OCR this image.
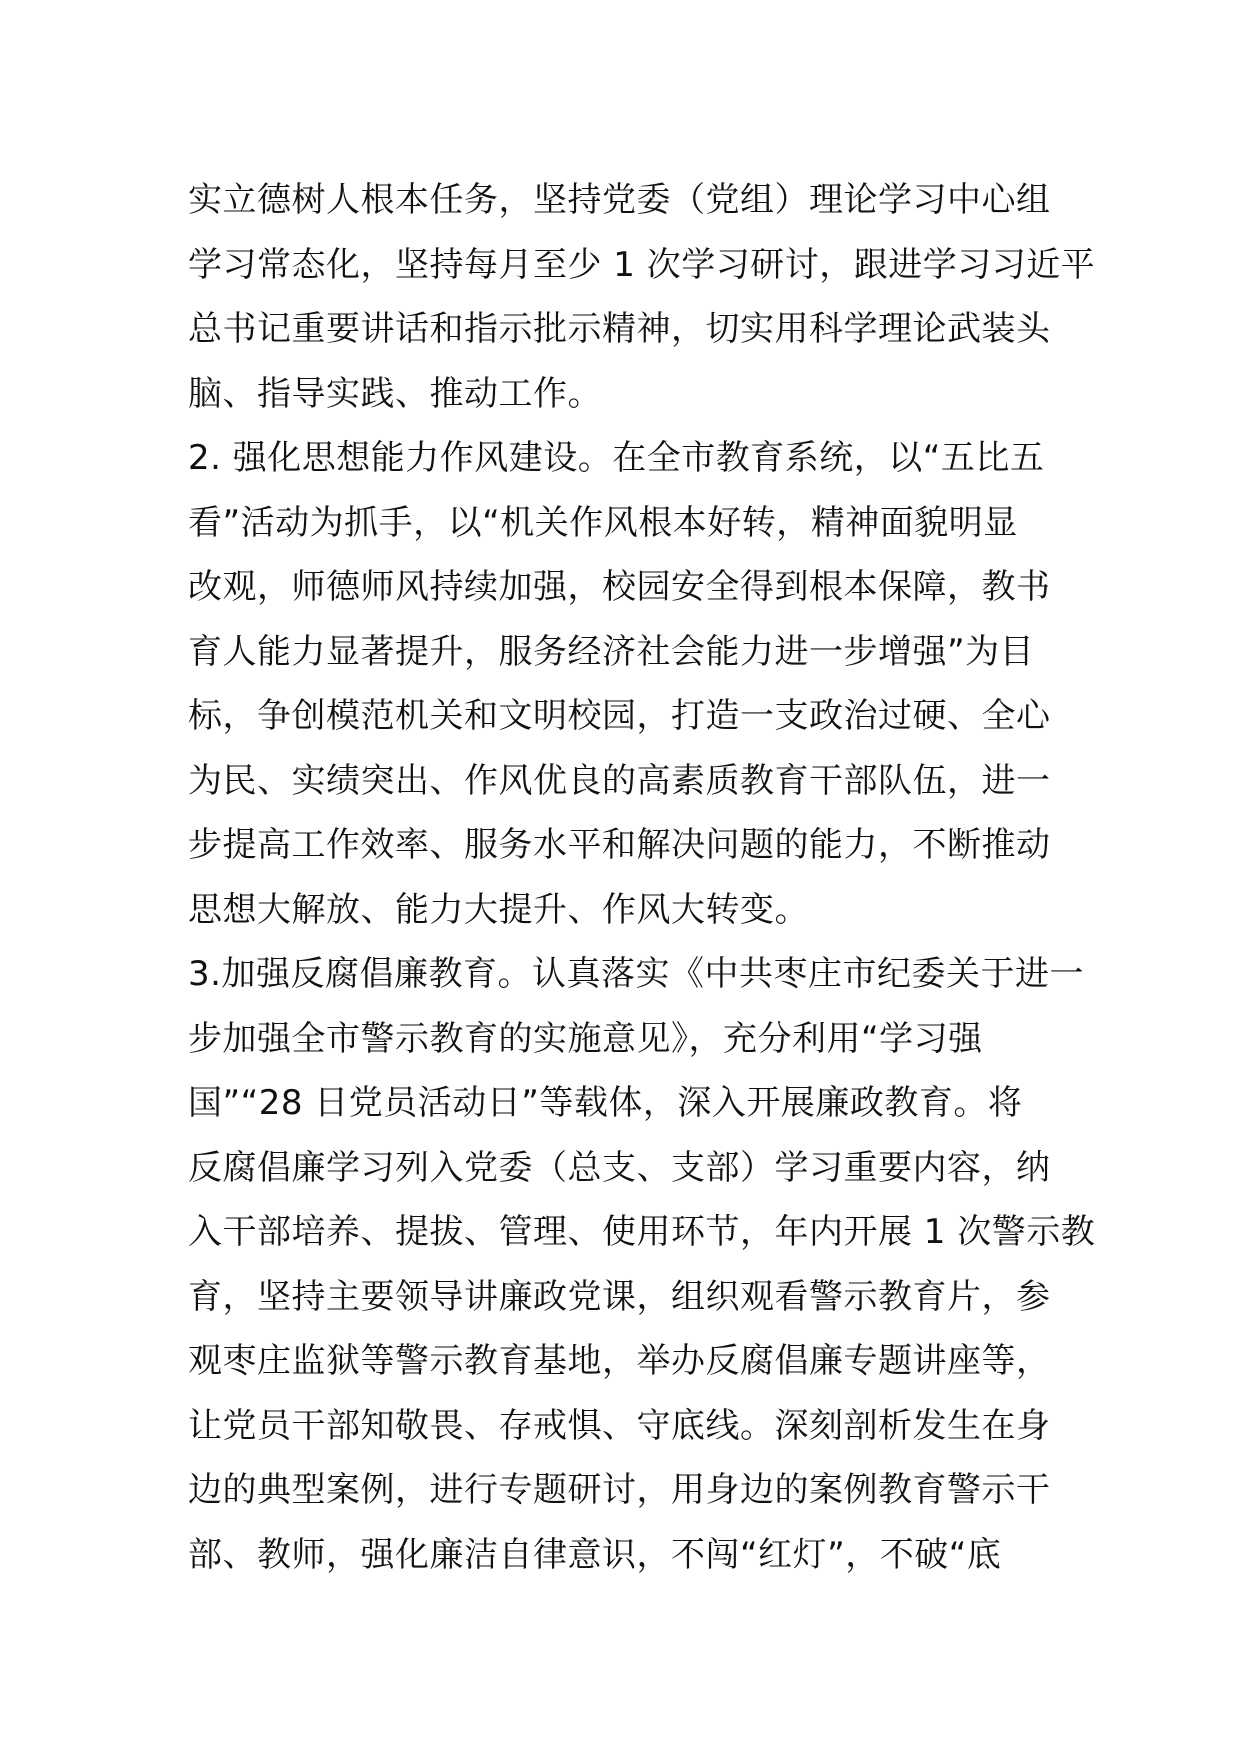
实立德树人根本任务，坚持党委（党组）理论学习中心组
学习常态化，坚持每月至少 1 次学习研讨，跟进学习习近平
总书记重要讲话和指示批示精神，切实用科学理论武装头
脑、指导实践、推动工作。
2. 强化思想能力作风建设。在全市教育系统，以“五比五
看”活动为抓手，以“机关作风根本好转，精神面貌明显
改观，师德师风持续加强，校园安全得到根本保障，教书
育人能力显著提升，服务经济社会能力进一步增强”为目
标，争创模范机关和文明校园，打造一支政治过硬、全心
为民、实绩突出、作风优良的高素质教育干部队伍，进一
步提高工作效率、服务水平和解决问题的能力，不断推动
思想大解放、能力大提升、作风大转变。
3.加强反腐倡廉教育。认真落实《中共枣庄市纪委关于进一
步加强全市警示教育的实施意见》，充分利用“学习强
国”“28 日党员活动日”等载体，深入开展廉政教育。将
反腐倡廉学习列入党委（总支、支部）学习重要内容，纳
入干部培养、提拔、管理、使用环节，年内开展 1 次警示教
育，坚持主要领导讲廉政党课，组织观看警示教育片，参
观枣庄监狱等警示教育基地，举办反腐倡廉专题讲座等，
让党员干部知敬畏、存戒惧、守底线。深刻剖析发生在身
边的典型案例，进行专题研讨，用身边的案例教育警示干
部、教师，强化廉洁自律意识，不闯“红灯”，不破“底
